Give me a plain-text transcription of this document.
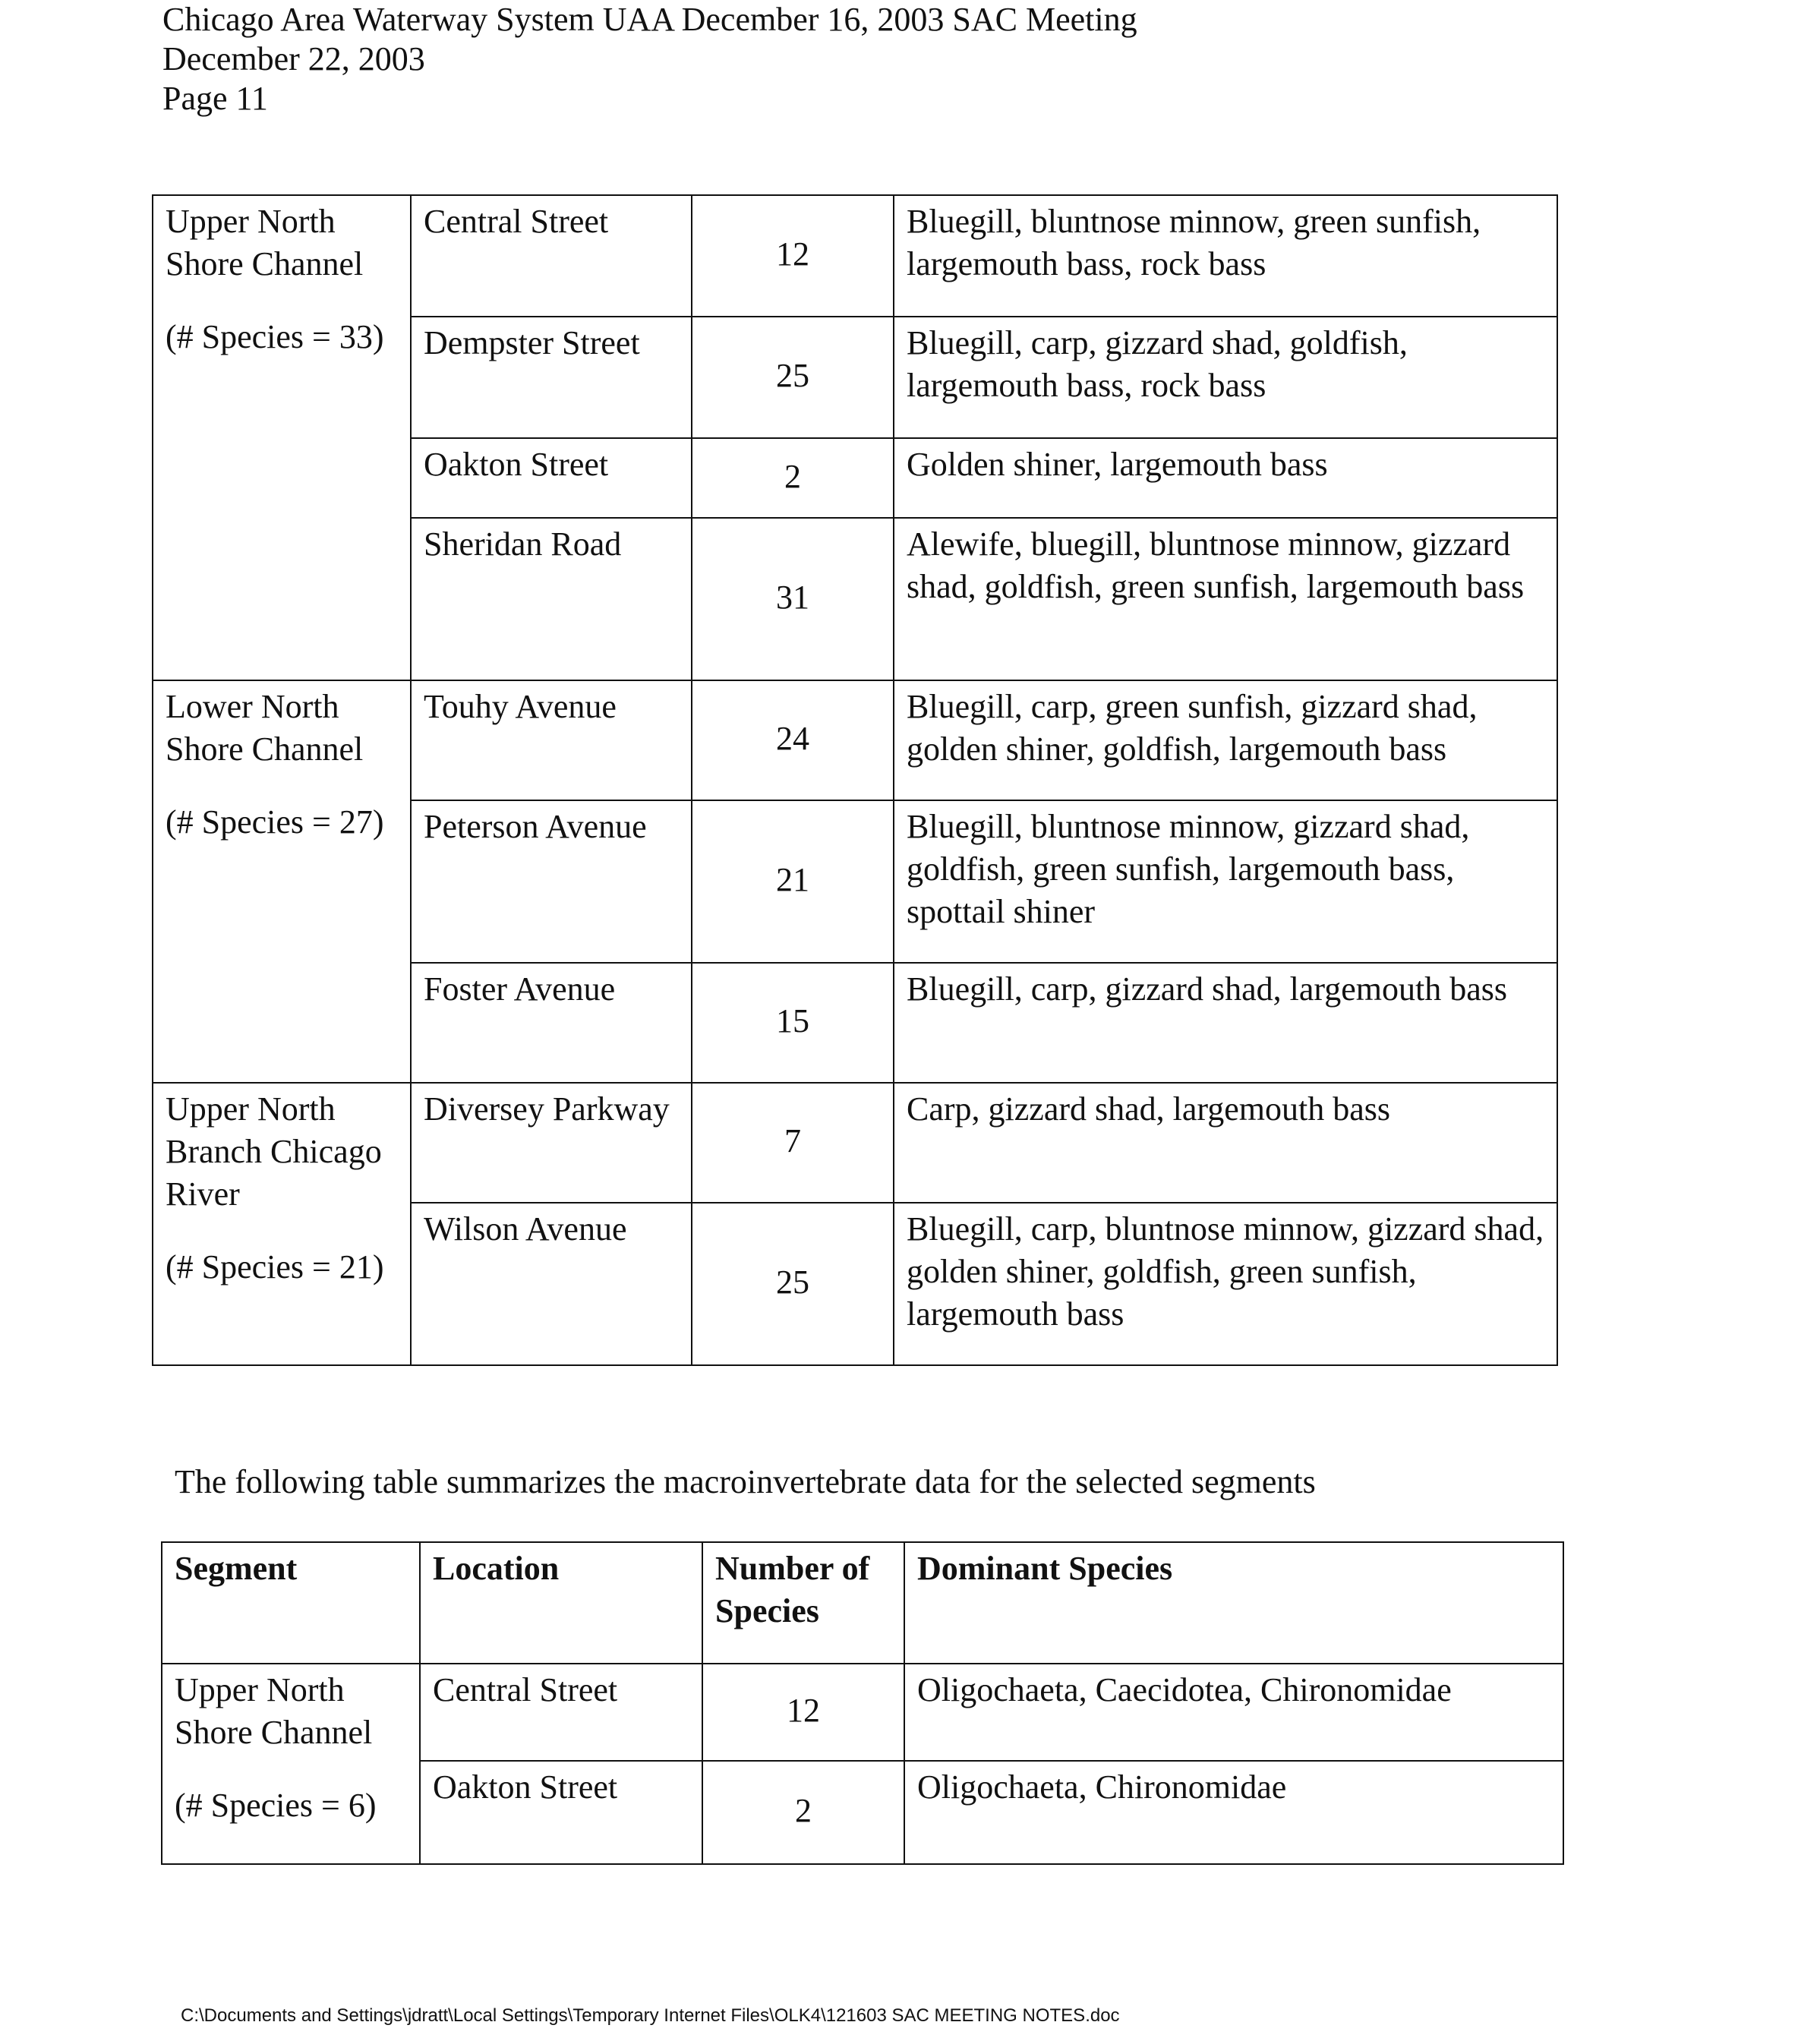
Chicago Area Waterway System UAA December 16, 2003 SAC Meeting
December 22, 2003
Page 11
Upper North Shore Channel
(# Species = 33)	Central Street	12	Bluegill, bluntnose minnow, green sunfish, largemouth bass, rock bass
	Dempster Street	25	Bluegill, carp, gizzard shad, goldfish, largemouth bass, rock bass
	Oakton Street	2	Golden shiner, largemouth bass
	Sheridan Road	31	Alewife, bluegill, bluntnose minnow, gizzard shad, goldfish, green sunfish, largemouth bass

Lower North Shore Channel
(# Species = 27)	Touhy Avenue	24	Bluegill, carp, green sunfish, gizzard shad, golden shiner, goldfish, largemouth bass
	Peterson Avenue	21	Bluegill, bluntnose minnow, gizzard shad, goldfish, green sunfish, largemouth bass, spottail shiner
	Foster Avenue	15	Bluegill, carp, gizzard shad, largemouth bass

Upper North Branch Chicago River
(# Species = 21)	Diversey Parkway	7	Carp, gizzard shad, largemouth bass
	Wilson Avenue	25	Bluegill, carp, bluntnose minnow, gizzard shad, golden shiner, goldfish, green sunfish, largemouth bass
The following table summarizes the macroinvertebrate data for the selected segments
Segment	Location	Number of Species	Dominant Species

Upper North Shore Channel
(# Species = 6)	Central Street	12	Oligochaeta, Caecidotea, Chironomidae
	Oakton Street	2	Oligochaeta, Chironomidae
C:\Documents and Settings\jdratt\Local Settings\Temporary Internet Files\OLK4\121603 SAC MEETING NOTES.doc
